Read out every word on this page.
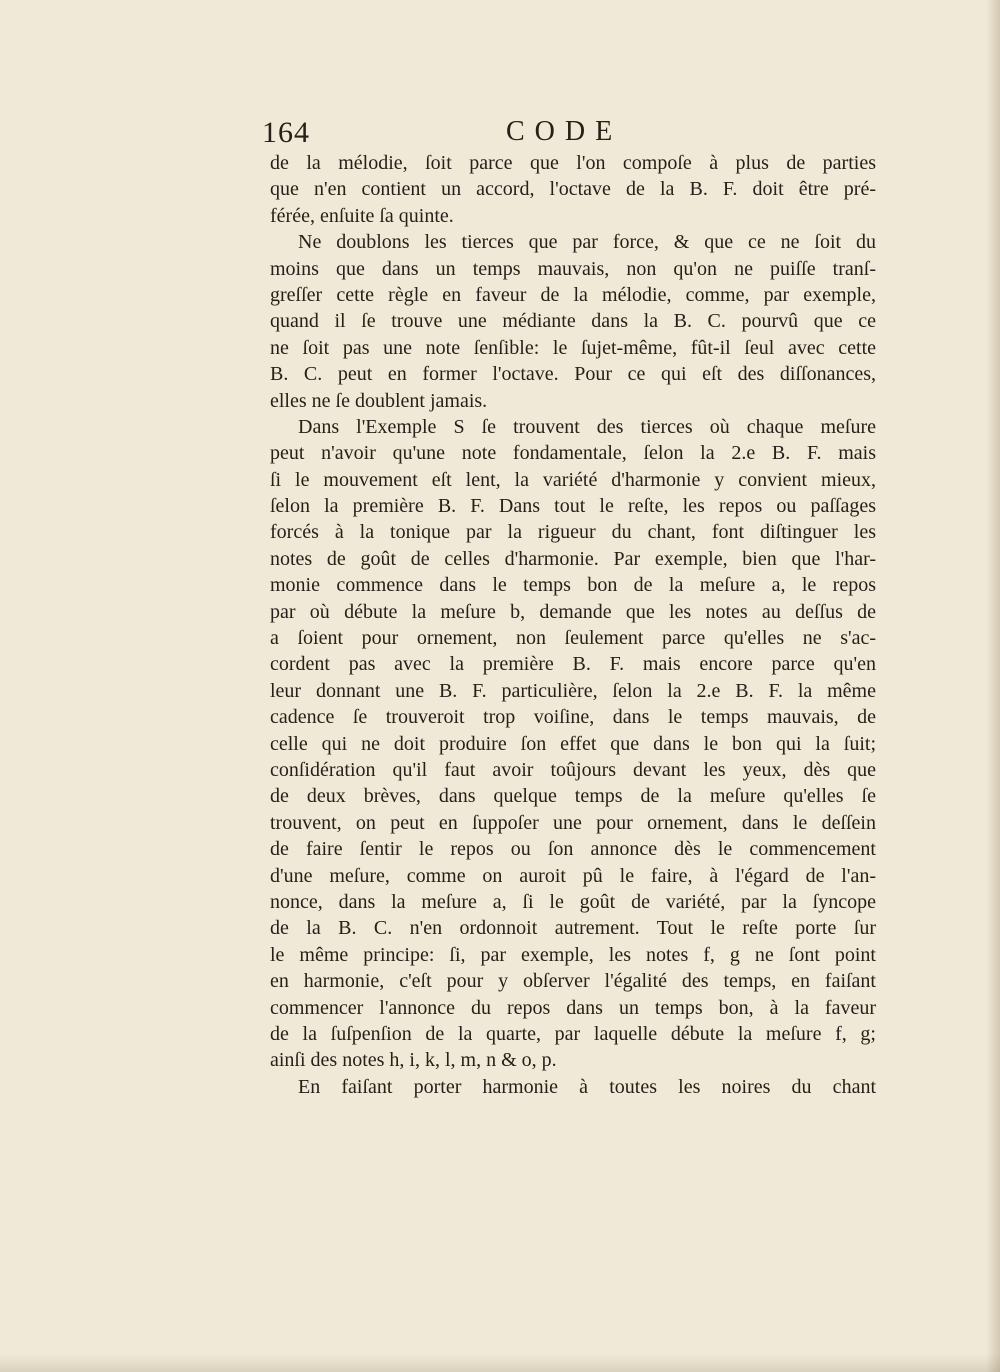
164	CODE
de la mélodie, ſoit parce que l'on compoſe à plus de parties
que n'en contient un accord, l'octave de la B. F. doit être pré-
férée, enſuite ſa quinte.
Ne doublons les tierces que par force, & que ce ne ſoit du
moins que dans un temps mauvais, non qu'on ne puiſſe tranſ-
greſſer cette règle en faveur de la mélodie, comme, par exemple,
quand il ſe trouve une médiante dans la B. C. pourvû que ce
ne ſoit pas une note ſenſible: le ſujet-même, fût-il ſeul avec cette
B. C. peut en former l'octave. Pour ce qui eſt des diſſonances,
elles ne ſe doublent jamais.
Dans l'Exemple S ſe trouvent des tierces où chaque meſure
peut n'avoir qu'une note fondamentale, ſelon la 2.e B. F. mais
ſi le mouvement eſt lent, la variété d'harmonie y convient mieux,
ſelon la première B. F. Dans tout le reſte, les repos ou paſſages
forcés à la tonique par la rigueur du chant, font diſtinguer les
notes de goût de celles d'harmonie. Par exemple, bien que l'har-
monie commence dans le temps bon de la meſure a, le repos
par où débute la meſure b, demande que les notes au deſſus de
a ſoient pour ornement, non ſeulement parce qu'elles ne s'ac-
cordent pas avec la première B. F. mais encore parce qu'en
leur donnant une B. F. particulière, ſelon la 2.e B. F. la même
cadence ſe trouveroit trop voiſine, dans le temps mauvais, de
celle qui ne doit produire ſon effet que dans le bon qui la ſuit;
conſidération qu'il faut avoir toûjours devant les yeux, dès que
de deux brèves, dans quelque temps de la meſure qu'elles ſe
trouvent, on peut en ſuppoſer une pour ornement, dans le deſſein
de faire ſentir le repos ou ſon annonce dès le commencement
d'une meſure, comme on auroit pû le faire, à l'égard de l'an-
nonce, dans la meſure a, ſi le goût de variété, par la ſyncope
de la B. C. n'en ordonnoit autrement. Tout le reſte porte ſur
le même principe: ſi, par exemple, les notes f, g ne ſont point
en harmonie, c'eſt pour y obſerver l'égalité des temps, en faiſant
commencer l'annonce du repos dans un temps bon, à la faveur
de la ſuſpenſion de la quarte, par laquelle débute la meſure f, g;
ainſi des notes h, i, k, l, m, n & o, p.
En faiſant porter harmonie à toutes les noires du chant
